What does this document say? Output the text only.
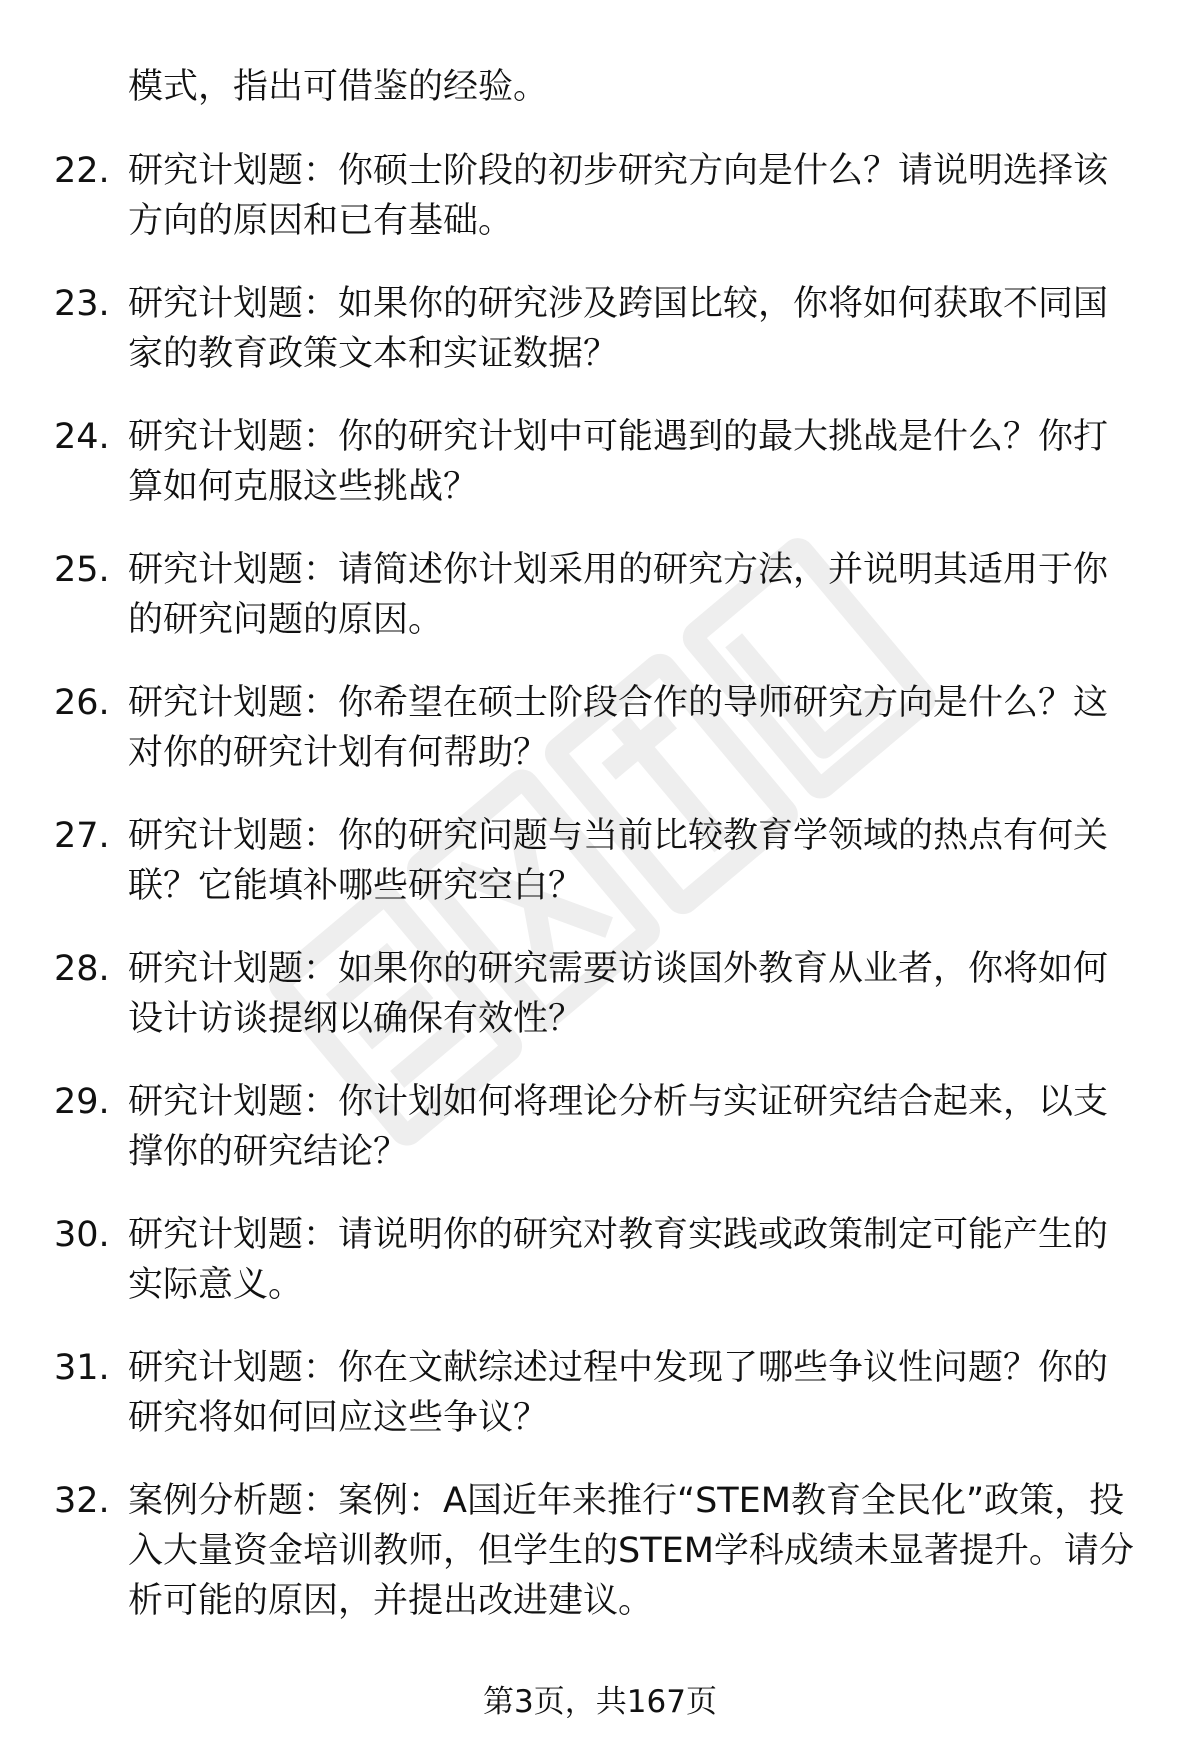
模式，指出可借鉴的经验。

22. 研究计划题：你硕士阶段的初步研究方向是什么？请说明选择该方向的原因和已有基础。
23. 研究计划题：如果你的研究涉及跨国比较，你将如何获取不同国家的教育政策文本和实证数据？
24. 研究计划题：你的研究计划中可能遇到的最大挑战是什么？你打算如何克服这些挑战？
25. 研究计划题：请简述你计划采用的研究方法，并说明其适用于你的研究问题的原因。
26. 研究计划题：你希望在硕士阶段合作的导师研究方向是什么？这对你的研究计划有何帮助？
27. 研究计划题：你的研究问题与当前比较教育学领域的热点有何关联？它能填补哪些研究空白？
28. 研究计划题：如果你的研究需要访谈国外教育从业者，你将如何设计访谈提纲以确保有效性？
29. 研究计划题：你计划如何将理论分析与实证研究结合起来，以支撑你的研究结论？
30. 研究计划题：请说明你的研究对教育实践或政策制定可能产生的实际意义。
31. 研究计划题：你在文献综述过程中发现了哪些争议性问题？你的研究将如何回应这些争议？
32. 案例分析题：案例：A国近年来推行“STEM教育全民化”政策，投入大量资金培训教师，但学生的STEM学科成绩未显著提升。请分析可能的原因，并提出改进建议。

第3页，共167页
